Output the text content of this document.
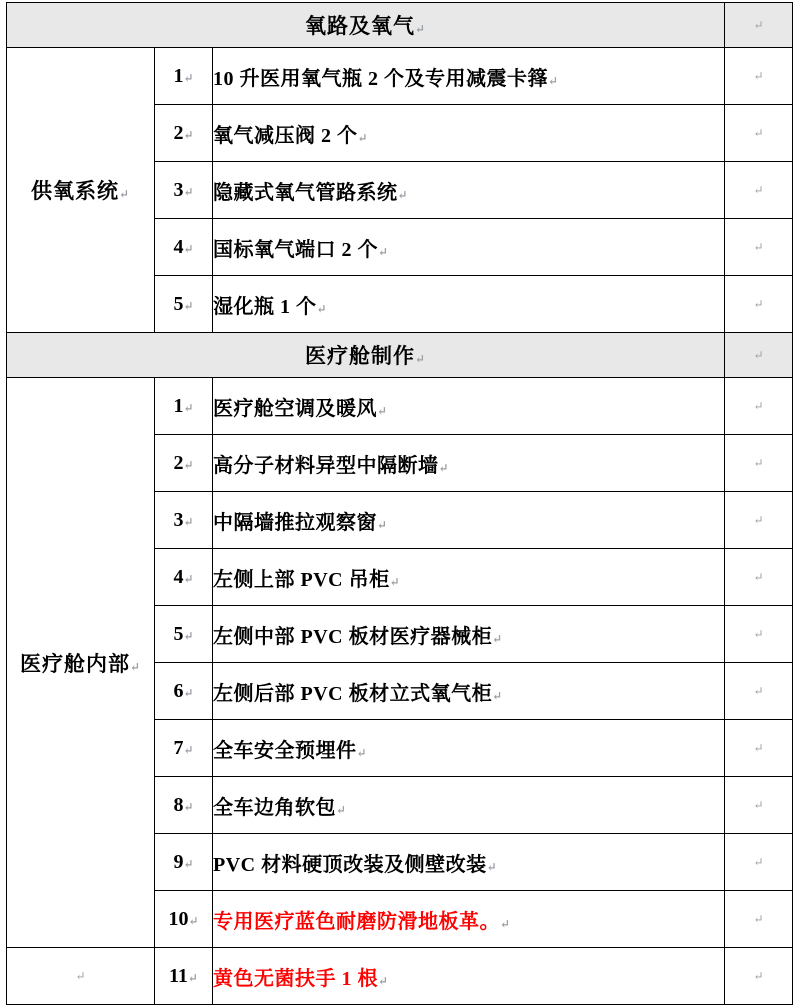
氧路及氧气↵			↵
供氧系统↵	1↵	10 升医用氧气瓶 2 个及专用减震卡箨↵	↵
	2↵	氧气减压阀 2 个↵	↵
	3↵	隐藏式氧气管路系统↵	↵
	4↵	国标氧气端口 2 个↵	↵
	5↵	湿化瓶 1 个↵	↵
医疗舱制作↵			↵
医疗舱内部↵	1↵	医疗舱空调及暖风↵	↵
	2↵	高分子材料异型中隔断墙↵	↵
	3↵	中隔墙推拉观察窗↵	↵
	4↵	左侧上部 PVC 吊柜↵	↵
	5↵	左侧中部 PVC 板材医疗器械柜↵	↵
	6↵	左侧后部 PVC 板材立式氧气柜↵	↵
	7↵	全车安全预埋件↵	↵
	8↵	全车边角软包↵	↵
	9↵	PVC 材料硬顶改装及侧壁改装↵	↵
	10↵	专用医疗蓝色耐磨防滑地板革。↵	↵
↵	11↵	黄色无菌扶手 1 根↵	↵
